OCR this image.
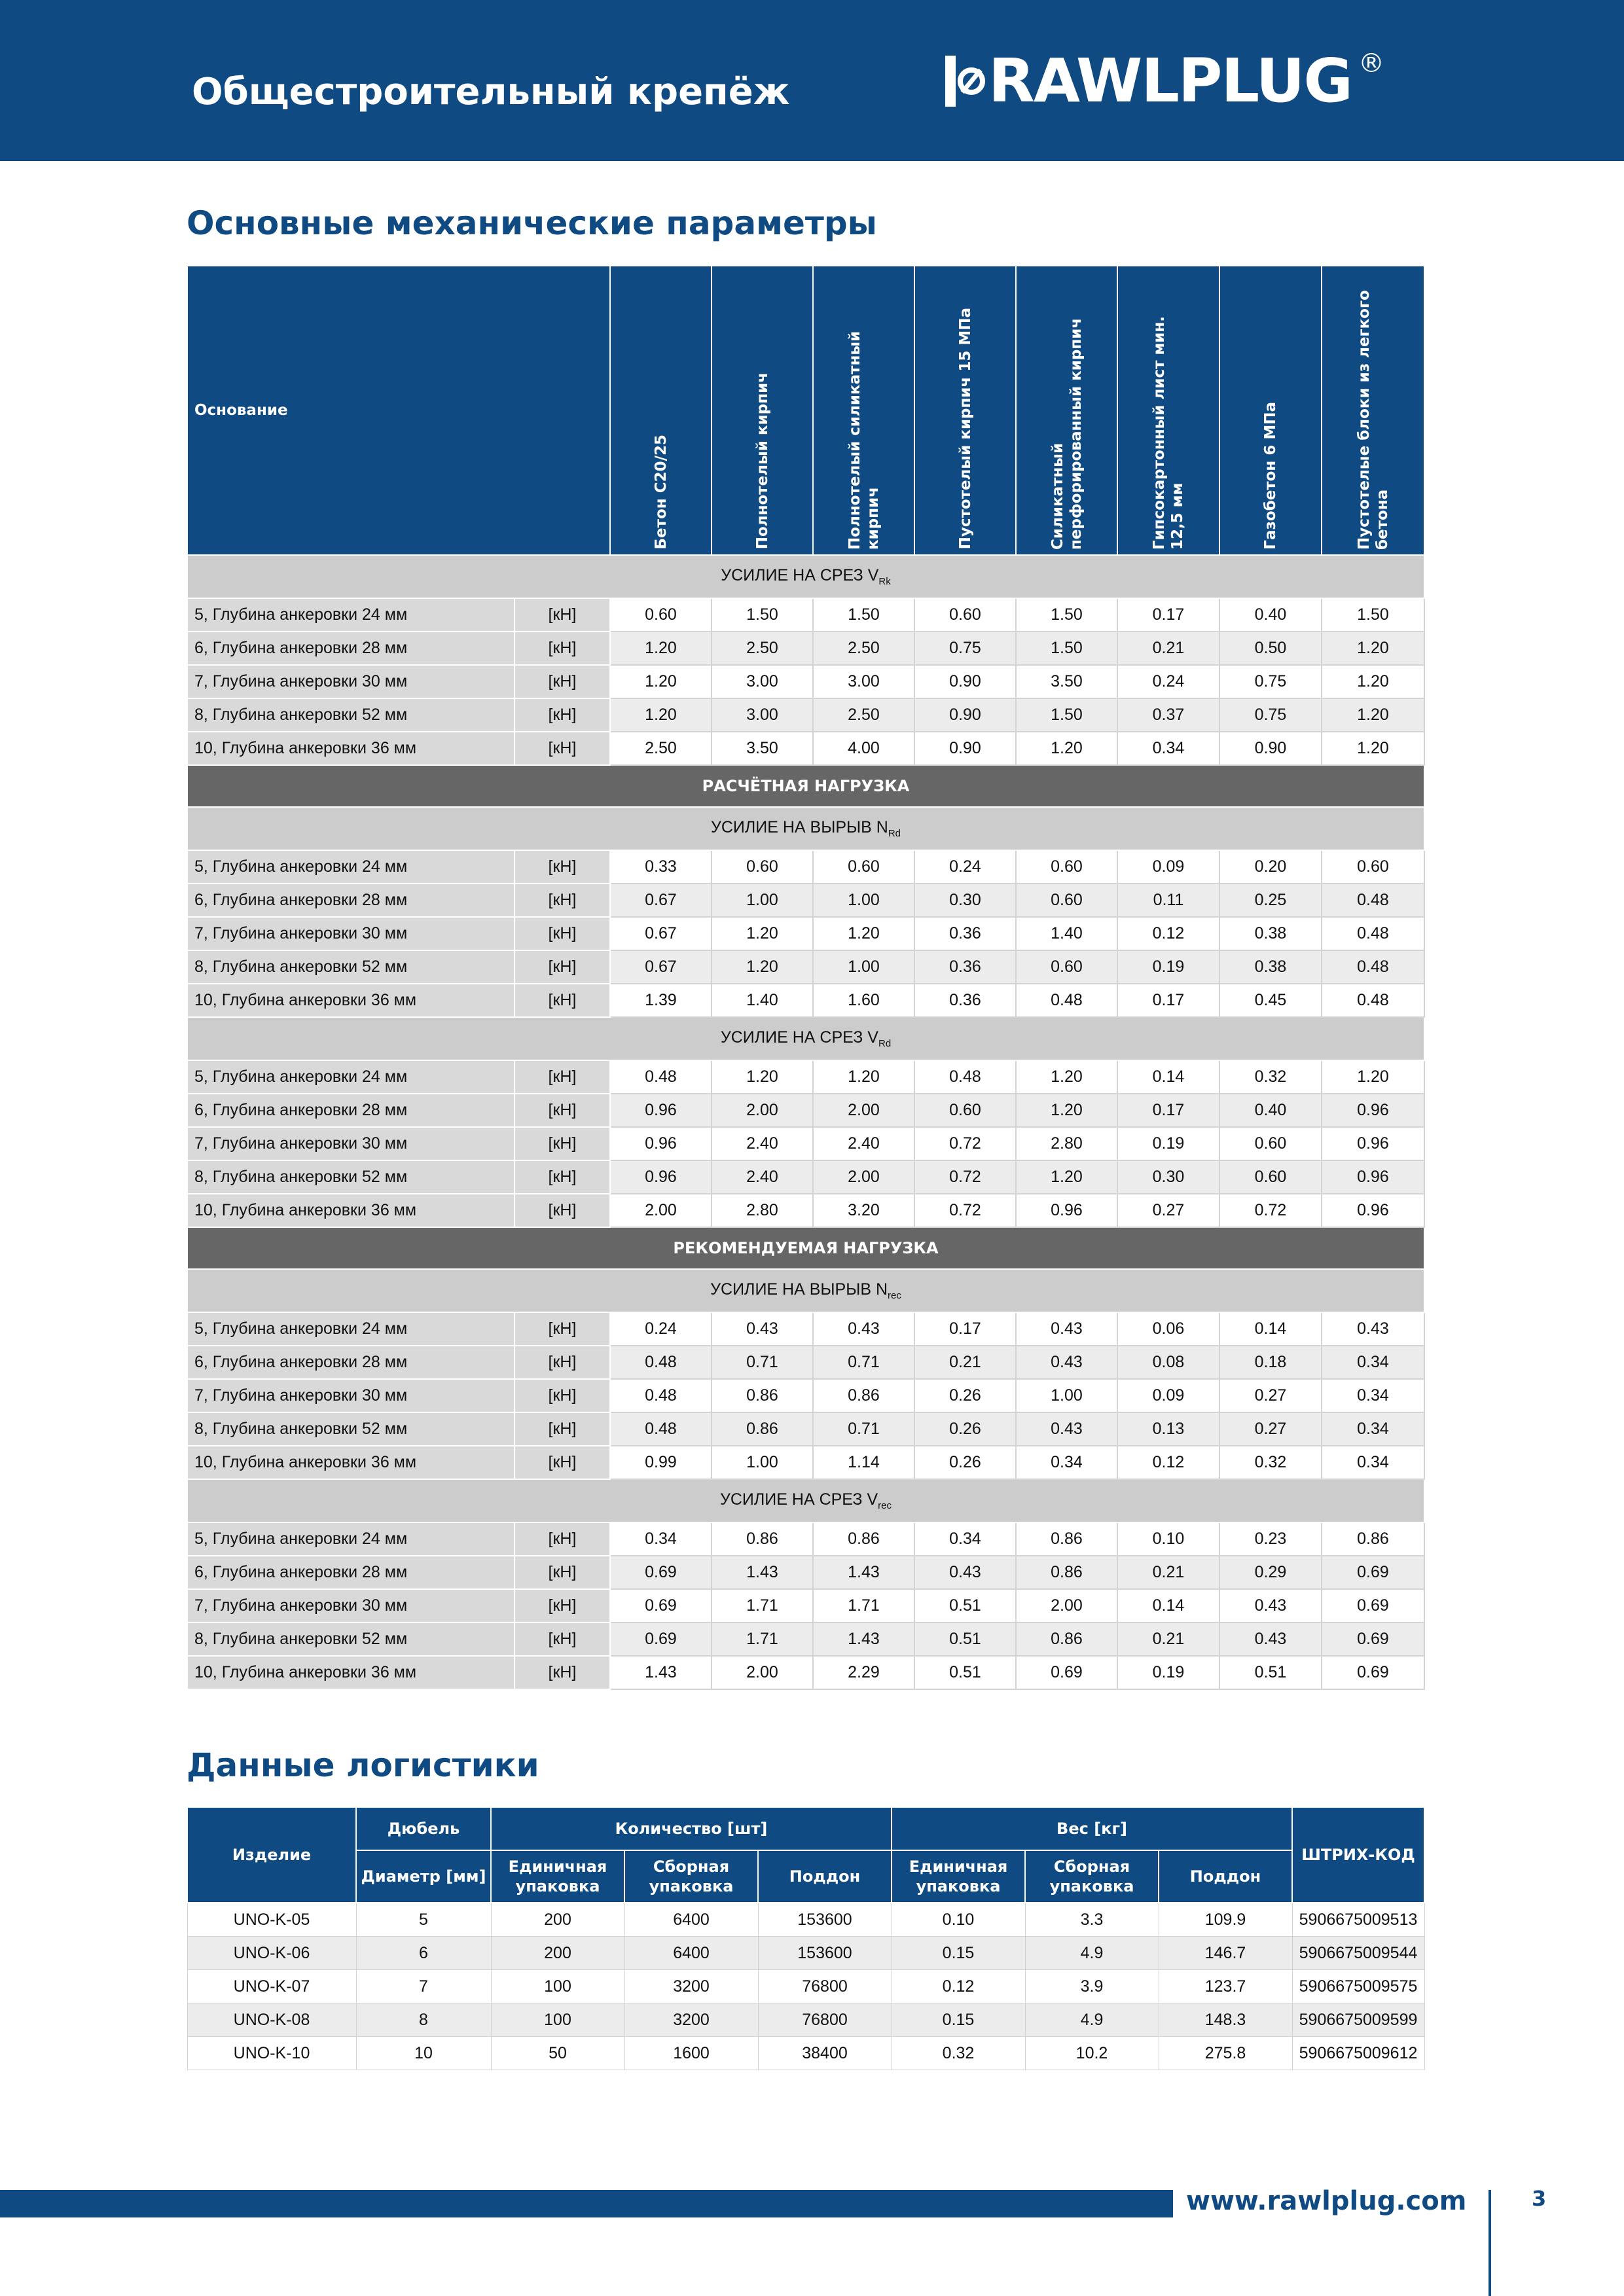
Общестроительный крепёж	RAWLPLUG ®
Основные механические параметры
Основание		Бетон C20/25	Полнотелый кирпич	Полнотелый силикатный кирпич	Пустотелый кирпич 15 МПа	Силикатный перфорированный кирпич	Гипсокартонный лист мин. 12,5 мм	Газобетон 6 МПа	Пустотелые блоки из легкого бетона

УСИЛИЕ НА СРЕЗ $V_{Rk}$
5, Глубина анкеровки 24 мм	[кН]	0.60	1.50	1.50	0.60	1.50	0.17	0.40	1.50
6, Глубина анкеровки 28 мм	[кН]	1.20	2.50	2.50	0.75	1.50	0.21	0.50	1.20
7, Глубина анкеровки 30 мм	[кН]	1.20	3.00	3.00	0.90	3.50	0.24	0.75	1.20
8, Глубина анкеровки 52 мм	[кН]	1.20	3.00	2.50	0.90	1.50	0.37	0.75	1.20
10, Глубина анкеровки 36 мм	[кН]	2.50	3.50	4.00	0.90	1.20	0.34	0.90	1.20
РАСЧЁТНАЯ НАГРУЗКА									
УСИЛИЕ НА ВЫРЫВ $N_{Rd}$
5, Глубина анкеровки 24 мм	[кН]	0.33	0.60	0.60	0.24	0.60	0.09	0.20	0.60
6, Глубина анкеровки 28 мм	[кН]	0.67	1.00	1.00	0.30	0.60	0.11	0.25	0.48
7, Глубина анкеровки 30 мм	[кН]	0.67	1.20	1.20	0.36	1.40	0.12	0.38	0.48
8, Глубина анкеровки 52 мм	[кН]	0.67	1.20	1.00	0.36	0.60	0.19	0.38	0.48
10, Глубина анкеровки 36 мм	[кН]	1.39	1.40	1.60	0.36	0.48	0.17	0.45	0.48
УСИЛИЕ НА СРЕЗ $V_{Rd}$
5, Глубина анкеровки 24 мм	[кН]	0.48	1.20	1.20	0.48	1.20	0.14	0.32	1.20
6, Глубина анкеровки 28 мм	[кН]	0.96	2.00	2.00	0.60	1.20	0.17	0.40	0.96
7, Глубина анкеровки 30 мм	[кН]	0.96	2.40	2.40	0.72	2.80	0.19	0.60	0.96
8, Глубина анкеровки 52 мм	[кН]	0.96	2.40	2.00	0.72	1.20	0.30	0.60	0.96
10, Глубина анкеровки 36 мм	[кН]	2.00	2.80	3.20	0.72	0.96	0.27	0.72	0.96
РЕКОМЕНДУЕМАЯ НАГРУЗКА									
УСИЛИЕ НА ВЫРЫВ $N_{rec}$
5, Глубина анкеровки 24 мм	[кН]	0.24	0.43	0.43	0.17	0.43	0.06	0.14	0.43
6, Глубина анкеровки 28 мм	[кН]	0.48	0.71	0.71	0.21	0.43	0.08	0.18	0.34
7, Глубина анкеровки 30 мм	[кН]	0.48	0.86	0.86	0.26	1.00	0.09	0.27	0.34
8, Глубина анкеровки 52 мм	[кН]	0.48	0.86	0.71	0.26	0.43	0.13	0.27	0.34
10, Глубина анкеровки 36 мм	[кН]	0.99	1.00	1.14	0.26	0.34	0.12	0.32	0.34
УСИЛИЕ НА СРЕЗ $V_{rec}$
5, Глубина анкеровки 24 мм	[кН]	0.34	0.86	0.86	0.34	0.86	0.10	0.23	0.86
6, Глубина анкеровки 28 мм	[кН]	0.69	1.43	1.43	0.43	0.86	0.21	0.29	0.69
7, Глубина анкеровки 30 мм	[кН]	0.69	1.71	1.71	0.51	2.00	0.14	0.43	0.69
8, Глубина анкеровки 52 мм	[кН]	0.69	1.71	1.43	0.51	0.86	0.21	0.43	0.69
10, Глубина анкеровки 36 мм	[кН]	1.43	2.00	2.29	0.51	0.69	0.19	0.51	0.69
Данные логистики
Изделие	Дюбель	Количество [шт]			Вес [кг]			ШТРИХ-КОД
	Диаметр [мм]	Единичная упаковка	Сборная упаковка	Поддон	Единичная упаковка	Сборная упаковка	Поддон	
UNO-K-05	5	200	6400	153600	0.10	3.3	109.9	5906675009513
UNO-K-06	6	200	6400	153600	0.15	4.9	146.7	5906675009544
UNO-K-07	7	100	3200	76800	0.12	3.9	123.7	5906675009575
UNO-K-08	8	100	3200	76800	0.15	4.9	148.3	5906675009599
UNO-K-10	10	50	1600	38400	0.32	10.2	275.8	5906675009612
www.rawlplug.com	3
